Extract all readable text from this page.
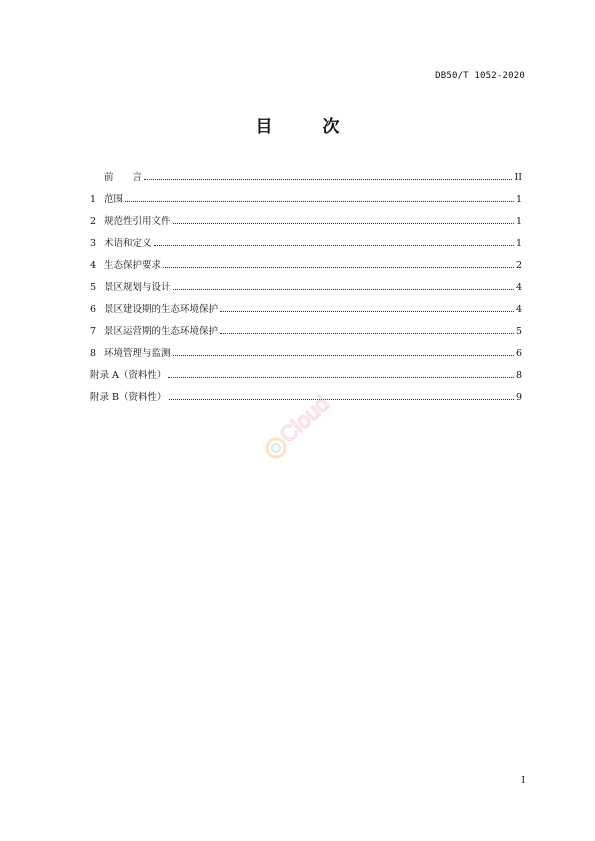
DB50/T 1052-2020
目 次
前　　言	II
1 范围	1
2 规范性引用文件	1
3 术语和定义	1
4 生态保护要求	2
5 景区规划与设计	4
6 景区建设期的生态环境保护	4
7 景区运营期的生态环境保护	5
8 环境管理与监测	6
附录 A（资料性）	8
附录 B（资料性）	9
Cloud
I
